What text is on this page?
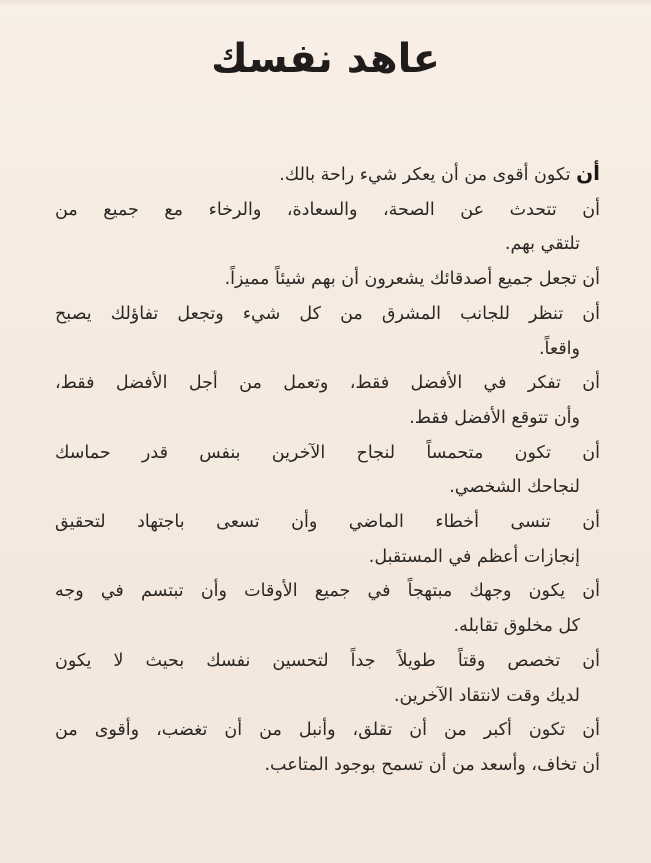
عاهد نفسك

أن تكون أقوى من أن يعكر شيء راحة بالك.

أن تتحدث عن الصحة، والسعادة، والرخاء مع جميع من
تلتقي بهم.

أن تجعل جميع أصدقائك يشعرون أن بهم شيئاً مميزاً.

أن تنظر للجانب المشرق من كل شيء وتجعل تفاؤلك يصبح
واقعاً.

أن تفكر في الأفضل فقط، وتعمل من أجل الأفضل فقط،
وأن تتوقع الأفضل فقط.

أن تكون متحمساً لنجاح الآخرين بنفس قدر حماسك
لنجاحك الشخصي.

أن تنسى أخطاء الماضي وأن تسعى باجتهاد لتحقيق
إنجازات أعظم في المستقبل.

أن يكون وجهك مبتهجاً في جميع الأوقات وأن تبتسم في وجه
كل مخلوق تقابله.

أن تخصص وقتاً طويلاً جداً لتحسين نفسك بحيث لا يكون
لديك وقت لانتقاد الآخرين.

أن تكون أكبر من أن تقلق، وأنبل من أن تغضب، وأقوى من
أن تخاف، وأسعد من أن تسمح بوجود المتاعب.
